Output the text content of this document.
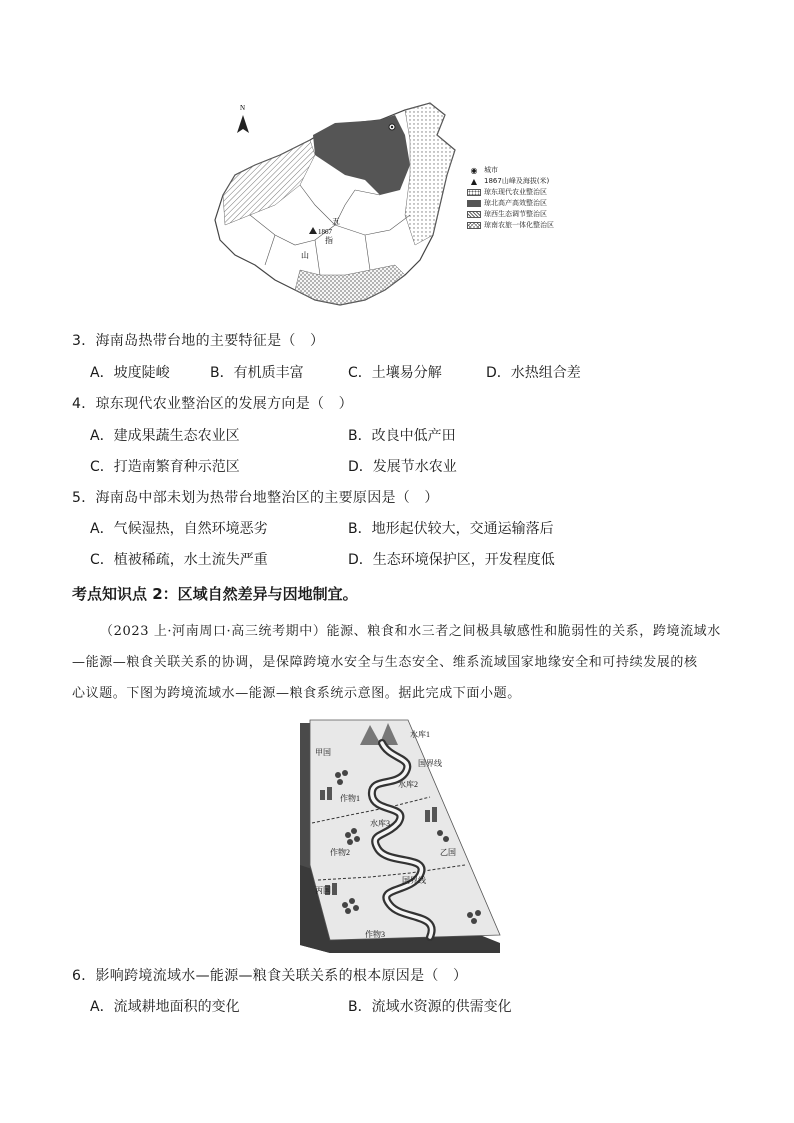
N
1867
五
指
山
◉ 城市
▲ 1867山峰及海拔(米)
琼东现代农业整治区
琼北高产高效整治区
琼西生态调节整治区
琼南农旅一体化整治区
3．海南岛热带台地的主要特征是（　）
A．坡度陡峻	B．有机质丰富	C．土壤易分解	D．水热组合差
4．琼东现代农业整治区的发展方向是（　）
A．建成果蔬生态农业区	B．改良中低产田
C．打造南繁育种示范区	D．发展节水农业
5．海南岛中部未划为热带台地整治区的主要原因是（　）
A．气候湿热，自然环境恶劣	B．地形起伏较大，交通运输落后
C．植被稀疏，水土流失严重	D．生态环境保护区，开发程度低
考点知识点 2：区域自然差异与因地制宜。
（2023 上·河南周口·高三统考期中）能源、粮食和水三者之间极具敏感性和脆弱性的关系，跨境流域水
—能源—粮食关联关系的协调，是保障跨境水安全与生态安全、维系流域国家地缘安全和可持续发展的核
心议题。下图为跨境流域水—能源—粮食系统示意图。据此完成下面小题。
甲国
水库1
国界线
水库2
作物1
水库3
乙国
作物2
国界线
丙国
作物3
6．影响跨境流域水—能源—粮食关联关系的根本原因是（　）
A．流域耕地面积的变化	B．流域水资源的供需变化
